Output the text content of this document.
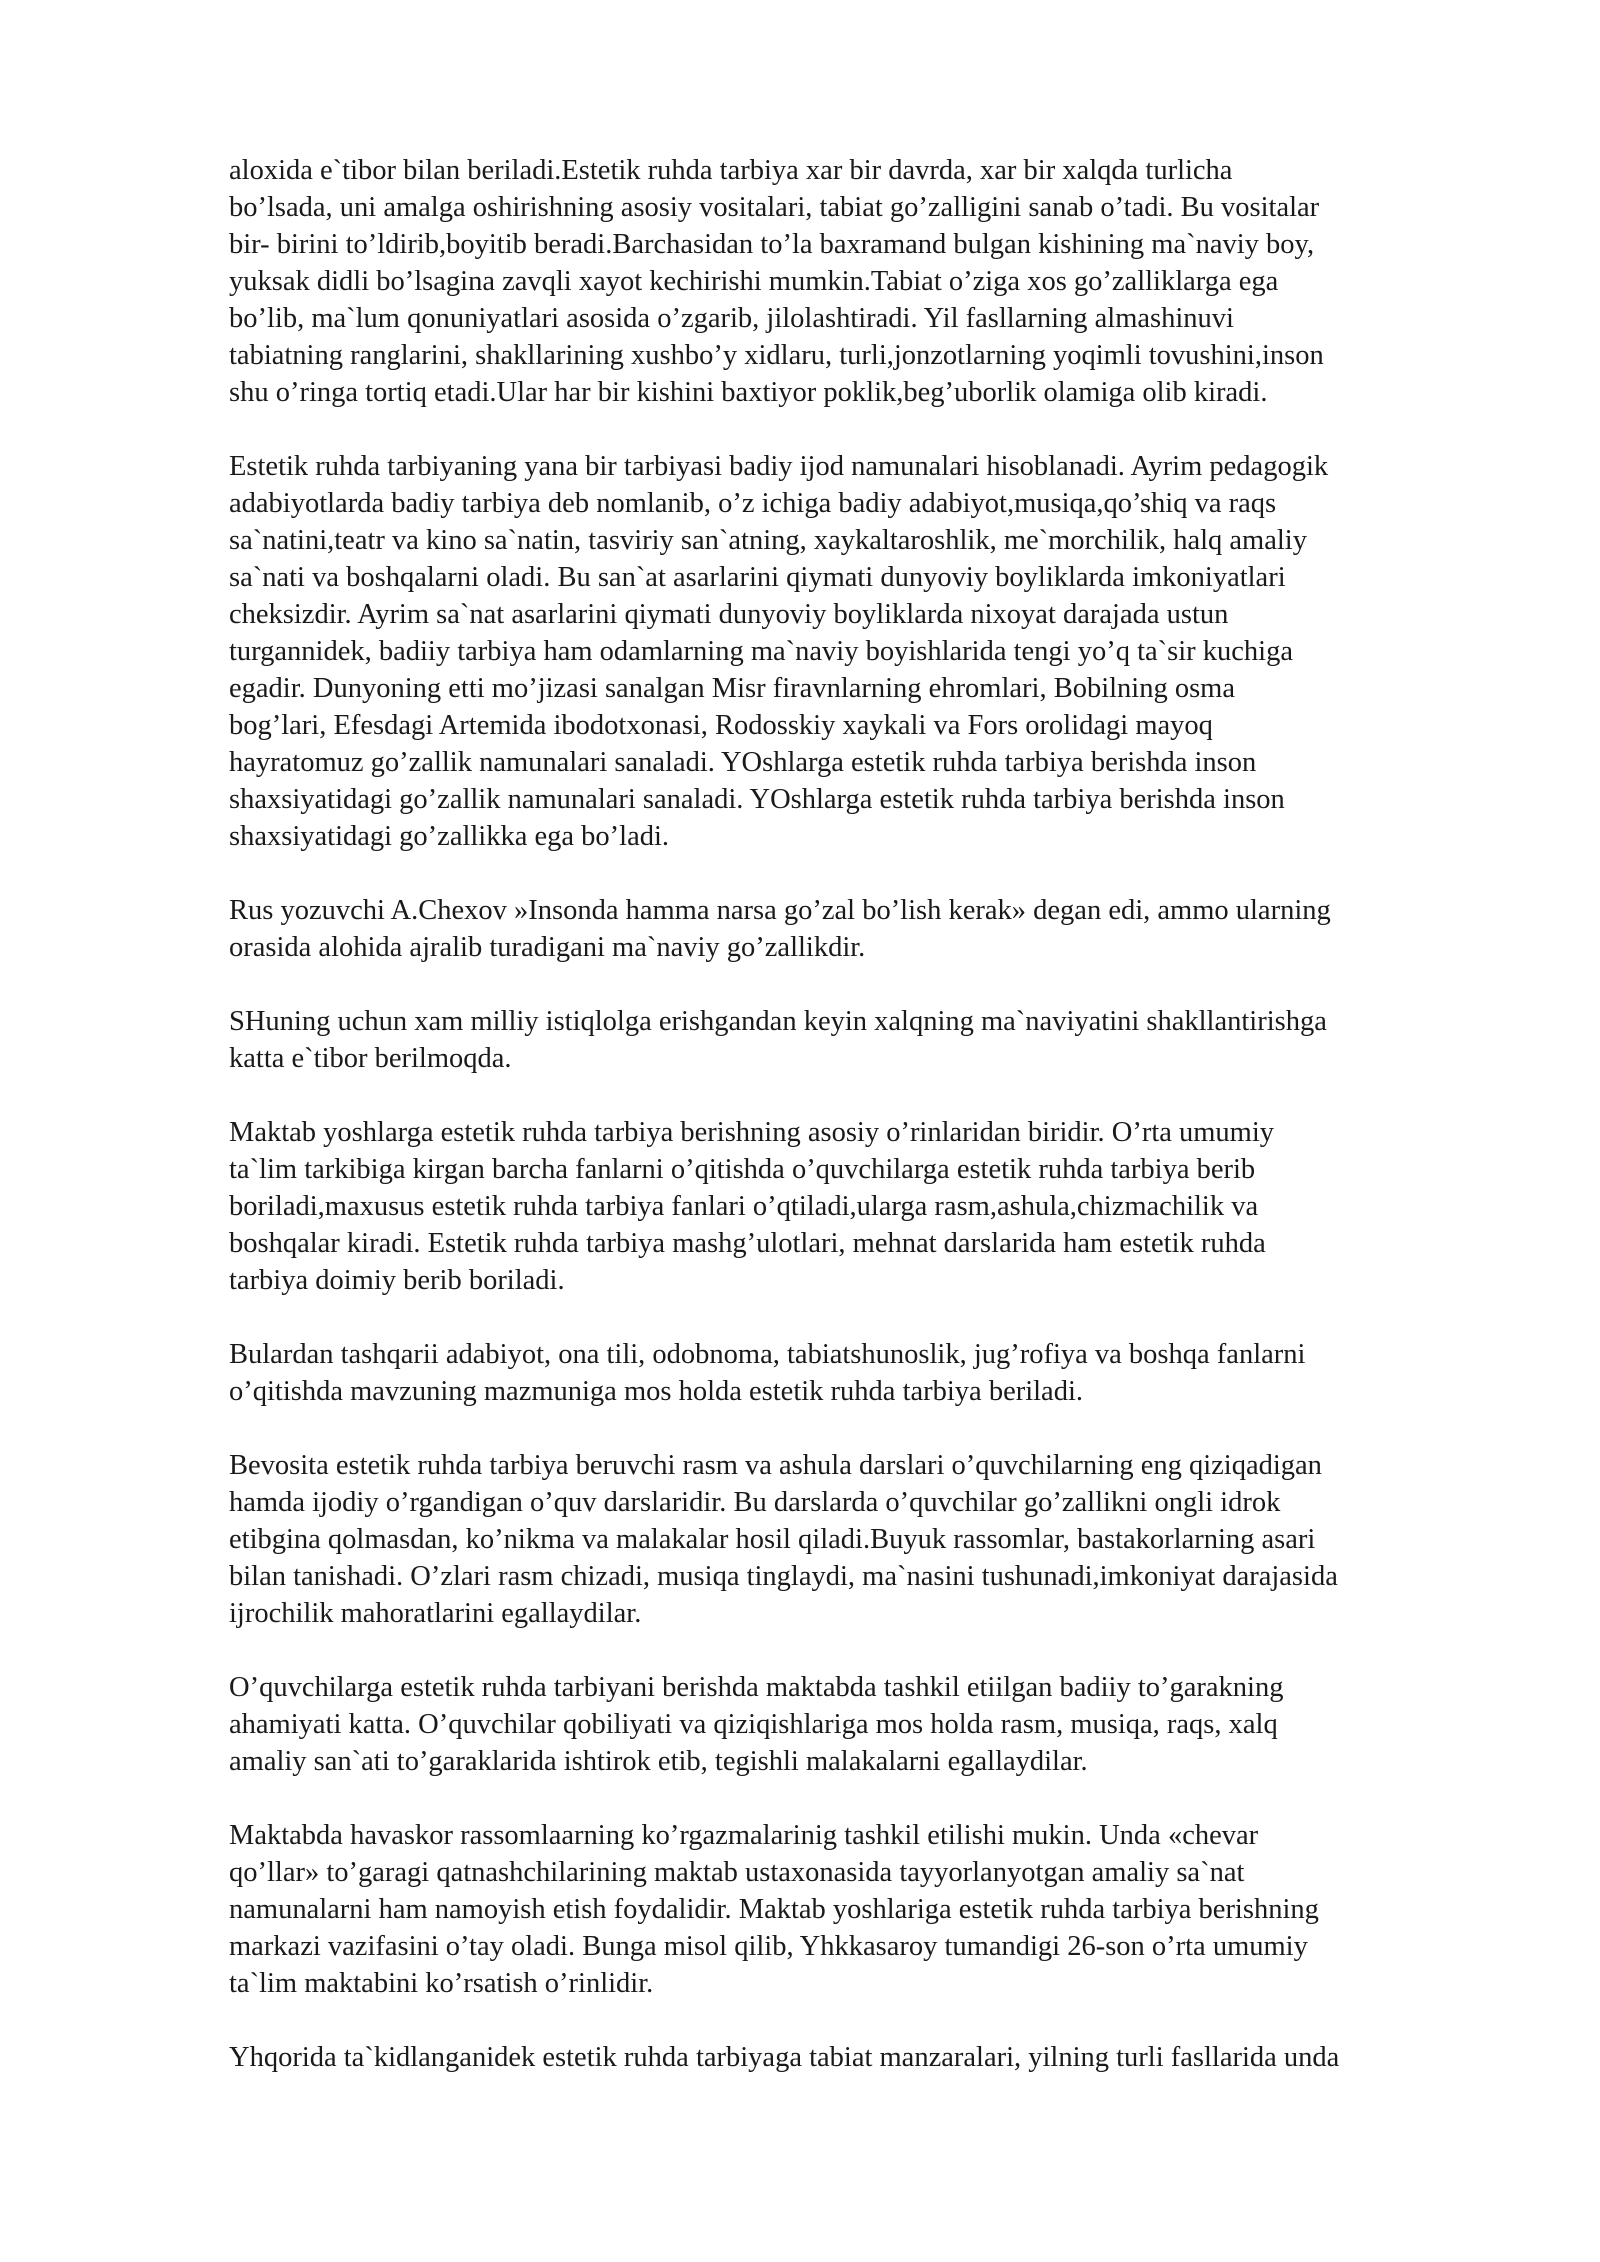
aloxida e`tibor bilan beriladi.Estetik ruhda tarbiya xar bir davrda, xar bir xalqda turlicha
bo’lsada, uni amalga oshirishning asosiy vositalari, tabiat go’zalligini sanab o’tadi. Bu vositalar
bir- birini to’ldirib,boyitib beradi.Barchasidan to’la baxramand bulgan kishining ma`naviy boy,
yuksak didli bo’lsagina zavqli xayot kechirishi mumkin.Tabiat o’ziga xos go’zalliklarga ega
bo’lib, ma`lum qonuniyatlari asosida o’zgarib, jilolashtiradi. Yil fasllarning almashinuvi
tabiatning ranglarini, shakllarining xushbo’y xidlaru, turli,jonzotlarning yoqimli tovushini,inson
shu o’ringa tortiq etadi.Ular har bir kishini baxtiyor poklik,beg’uborlik olamiga olib kiradi.

Estetik ruhda tarbiyaning yana bir tarbiyasi badiy ijod namunalari hisoblanadi. Ayrim pedagogik
adabiyotlarda badiy tarbiya deb nomlanib, o’z ichiga badiy adabiyot,musiqa,qo’shiq va raqs
sa`natini,teatr va kino sa`natin, tasviriy san`atning, xaykaltaroshlik, me`morchilik, halq amaliy
sa`nati va boshqalarni oladi. Bu san`at asarlarini qiymati dunyoviy boyliklarda imkoniyatlari
cheksizdir. Ayrim sa`nat asarlarini qiymati dunyoviy boyliklarda nixoyat darajada ustun
turgannidek, badiiy tarbiya ham odamlarning ma`naviy boyishlarida tengi yo’q ta`sir kuchiga
egadir. Dunyoning etti mo’jizasi sanalgan Misr firavnlarning ehromlari, Bobilning osma
bog’lari, Efesdagi Artemida ibodotxonasi, Rodosskiy xaykali va Fors orolidagi mayoq
hayratomuz go’zallik namunalari sanaladi. YOshlarga estetik ruhda tarbiya berishda inson
shaxsiyatidagi go’zallik namunalari sanaladi. YOshlarga estetik ruhda tarbiya berishda inson
shaxsiyatidagi go’zallikka ega bo’ladi.

Rus yozuvchi A.Chexov »Insonda hamma narsa go’zal bo’lish kerak» degan edi, ammo ularning
orasida alohida ajralib turadigani ma`naviy go’zallikdir.

SHuning uchun xam milliy istiqlolga erishgandan keyin xalqning ma`naviyatini shakllantirishga
katta e`tibor berilmoqda.

Maktab yoshlarga estetik ruhda tarbiya berishning asosiy o’rinlaridan biridir. O’rta umumiy
ta`lim tarkibiga kirgan barcha fanlarni o’qitishda o’quvchilarga estetik ruhda tarbiya berib
boriladi,maxusus estetik ruhda tarbiya fanlari o’qtiladi,ularga rasm,ashula,chizmachilik va
boshqalar kiradi. Estetik ruhda tarbiya mashg’ulotlari, mehnat darslarida ham estetik ruhda
tarbiya doimiy berib boriladi.

Bulardan tashqarii adabiyot, ona tili, odobnoma, tabiatshunoslik, jug’rofiya va boshqa fanlarni
o’qitishda mavzuning mazmuniga mos holda estetik ruhda tarbiya beriladi.

Bevosita estetik ruhda tarbiya beruvchi rasm va ashula darslari o’quvchilarning eng qiziqadigan
hamda ijodiy o’rgandigan o’quv darslaridir. Bu darslarda o’quvchilar go’zallikni ongli idrok
etibgina qolmasdan, ko’nikma va malakalar hosil qiladi.Buyuk rassomlar, bastakorlarning asari
bilan tanishadi. O’zlari rasm chizadi, musiqa tinglaydi, ma`nasini tushunadi,imkoniyat darajasida
ijrochilik mahoratlarini egallaydilar.

O’quvchilarga estetik ruhda tarbiyani berishda maktabda tashkil etiilgan badiiy to’garakning
ahamiyati katta. O’quvchilar qobiliyati va qiziqishlariga mos holda rasm, musiqa, raqs, xalq
amaliy san`ati to’garaklarida ishtirok etib, tegishli malakalarni egallaydilar.

Maktabda havaskor rassomlaarning ko’rgazmalarinig tashkil etilishi mukin. Unda «chevar
qo’llar» to’garagi qatnashchilarining maktab ustaxonasida tayyorlanyotgan amaliy sa`nat
namunalarni ham namoyish etish foydalidir. Maktab yoshlariga estetik ruhda tarbiya berishning
markazi vazifasini o’tay oladi. Bunga misol qilib, Yhkkasaroy tumandigi 26-son o’rta umumiy
ta`lim maktabini ko’rsatish o’rinlidir.

Yhqorida ta`kidlanganidek estetik ruhda tarbiyaga tabiat manzaralari, yilning turli fasllarida unda
